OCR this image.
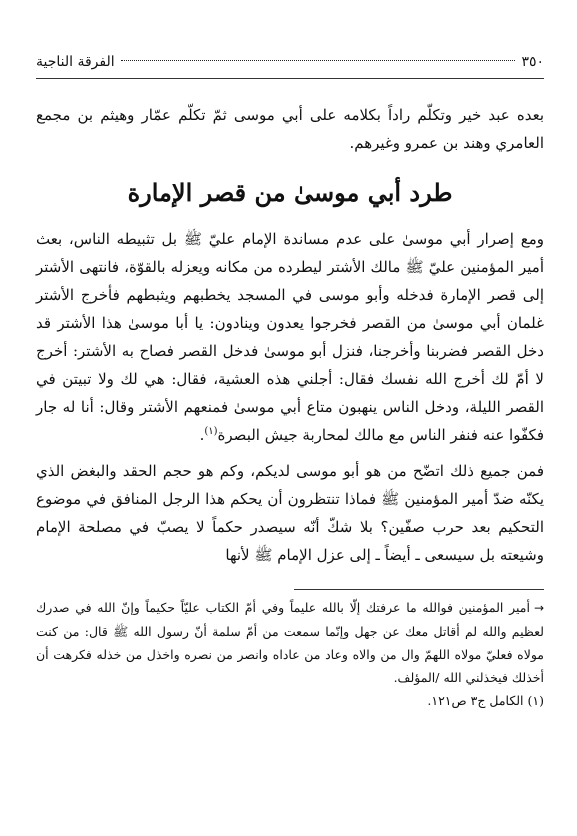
٣٥٠
الفرقة الناجية

بعده عبد خير وتكلّم راداً بكلامه على أبي موسى ثمّ تكلّم عمّار وهيثم بن مجمع العامري وهند بن عمرو وغيرهم.

طرد أبي موسىٰ من قصر الإمارة

ومع إصرار أبي موسىٰ على عدم مساندة الإمام عليّ ﷺ بل تثبيطه الناس، بعث أمير المؤمنين عليّ ﷺ مالك الأشتر ليطرده من مكانه ويعزله بالقوّة، فانتهى الأشتر إلى قصر الإمارة فدخله وأبو موسى في المسجد يخطبهم ويثبطهم فأخرج الأشتر غلمان أبي موسىٰ من القصر فخرجوا يعدون وينادون: يا أبا موسىٰ هذا الأشتر قد دخل القصر فضربنا وأخرجنا، فنزل أبو موسىٰ فدخل القصر فصاح به الأشتر: أخرج لا أمّ لك أخرج الله نفسك فقال: أجلني هذه العشية، فقال: هي لك ولا تبيتن في القصر الليلة، ودخل الناس ينهبون متاع أبي موسىٰ فمنعهم الأشتر وقال: أنا له جار فكفّوا عنه فنفر الناس مع مالك لمحاربة جيش البصرة$^{(١)}$.

فمن جميع ذلك اتضّح من هو أبو موسى لديكم، وكم هو حجم الحقد والبغض الذي يكنّه ضدّ أمير المؤمنين ﷺ فماذا تنتظرون أن يحكم هذا الرجل المنافق في موضوع التحكيم بعد حرب صفّين؟ بلا شكّ أنّه سيصدر حكماً لا يصبّ في مصلحة الإمام وشيعته بل سيسعى ـ أيضاً ـ إلى عزل الإمام ﷺ لأنها

→أمير المؤمنين فوالله ما عرفتك إلّا بالله عليماً وفي أمّ الكتاب عليّاً حكيماً وإنّ الله في صدرك لعظيم والله لم أقاتل معك عن جهل وإنّما سمعت من أمّ سلمة أنّ رسول الله ﷺ قال: من كنت مولاه فعليّ مولاه اللهمّ وال من والاه وعاد من عاداه وانصر من نصره واخذل من خذله فكرهت أن أخذلك فيخذلني الله /المؤلف.

(١) الكامل ج٣ ص١٢١.
